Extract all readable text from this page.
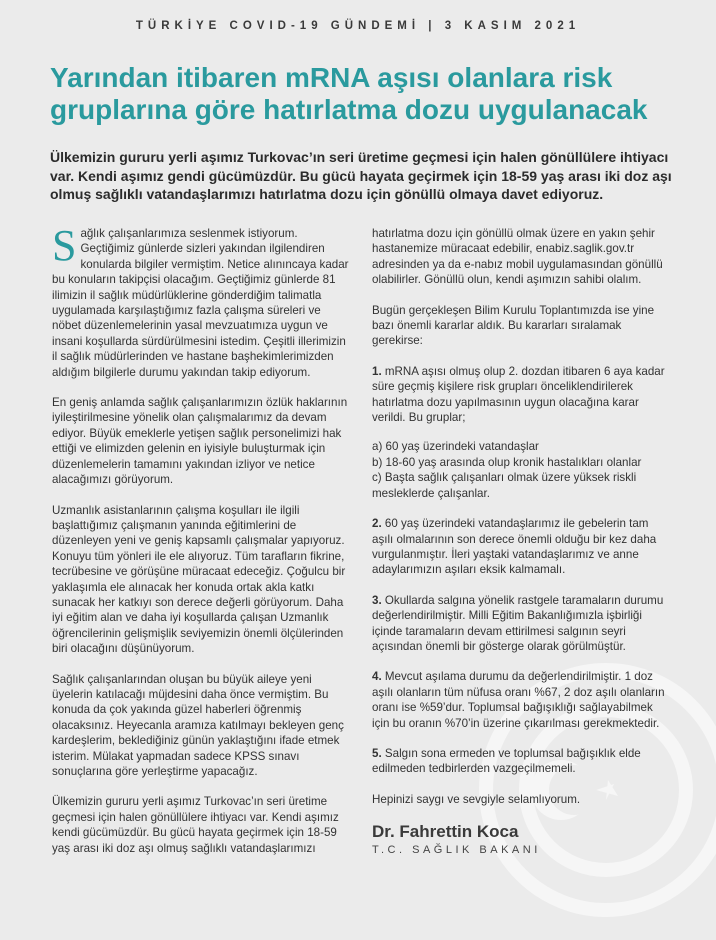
TÜRKİYE COVID-19 GÜNDEMİ | 3 KASIM 2021
Yarından itibaren mRNA aşısı olanlara risk gruplarına göre hatırlatma dozu uygulanacak

Ülkemizin gururu yerli aşımız Turkovac’ın seri üretime geçmesi için halen gönüllülere ihtiyacı var. Kendi aşımız gendi gücümüzdür. Bu gücü hayata geçirmek için 18-59 yaş arası iki doz aşı olmuş sağlıklı vatandaşlarımızı hatırlatma dozu için gönüllü olmaya davet ediyoruz.

Sağlık çalışanlarımıza seslenmek istiyorum. Geçtiğimiz günlerde sizleri yakından ilgilendiren konularda bilgiler vermiştim. Netice alınıncaya kadar bu konuların takipçisi olacağım. Geçtiğimiz günlerde 81 ilimizin il sağlık müdürlüklerine gönderdiğim talimatla uygulamada karşılaştığımız fazla çalışma süreleri ve nöbet düzenlemelerinin yasal mevzuatımıza uygun ve insani koşullarda sürdürülmesini istedim. Çeşitli illerimizin il sağlık müdürlerinden ve hastane başhekimlerimizden aldığım bilgilerle durumu yakından takip ediyorum.

En geniş anlamda sağlık çalışanlarımızın özlük haklarının iyileştirilmesine yönelik olan çalışmalarımız da devam ediyor. Büyük emeklerle yetişen sağlık personelimizi hak ettiği ve elimizden gelenin en iyisiyle buluşturmak için düzenlemelerin tamamını yakından izliyor ve netice alacağımızı görüyorum.

Uzmanlık asistanlarının çalışma koşulları ile ilgili başlattığımız çalışmanın yanında eğitimlerini de düzenleyen yeni ve geniş kapsamlı çalışmalar yapıyoruz. Konuyu tüm yönleri ile ele alıyoruz. Tüm tarafların fikrine, tecrübesine ve görüşüne müracaat edeceğiz. Çoğulcu bir yaklaşımla ele alınacak her konuda ortak akla katkı sunacak her katkıyı son derece değerli görüyorum. Daha iyi eğitim alan ve daha iyi koşullarda çalışan Uzmanlık öğrencilerinin gelişmişlik seviyemizin önemli ölçülerinden biri olacağını düşünüyorum.

Sağlık çalışanlarından oluşan bu büyük aileye yeni üyelerin katılacağı müjdesini daha önce vermiştim. Bu konuda da çok yakında güzel haberleri öğrenmiş olacaksınız. Heyecanla aramıza katılmayı bekleyen genç kardeşlerim, beklediğiniz günün yaklaştığını ifade etmek isterim. Mülakat yapmadan sadece KPSS sınavı sonuçlarına göre yerleştirme yapacağız.

Ülkemizin gururu yerli aşımız Turkovac’ın seri üretime geçmesi için halen gönüllülere ihtiyacı var. Kendi aşımız kendi gücümüzdür. Bu gücü hayata geçirmek için 18-59 yaş arası iki doz aşı olmuş sağlıklı vatandaşlarımızı

hatırlatma dozu için gönüllü olmak üzere en yakın şehir hastanemize müracaat edebilir, enabiz.saglik.gov.tr adresinden ya da e-nabız mobil uygulamasından gönüllü olabilirler. Gönüllü olun, kendi aşımızın sahibi olalım.

Bugün gerçekleşen Bilim Kurulu Toplantımızda ise yine bazı önemli kararlar aldık. Bu kararları sıralamak gerekirse:

1. mRNA aşısı olmuş olup 2. dozdan itibaren 6 aya kadar süre geçmiş kişilere risk grupları önceliklendirilerek hatırlatma dozu yapılmasının uygun olacağına karar verildi. Bu gruplar;

a) 60 yaş üzerindeki vatandaşlar
b) 18-60 yaş arasında olup kronik hastalıkları olanlar
c) Başta sağlık çalışanları olmak üzere yüksek riskli mesleklerde çalışanlar.

2. 60 yaş üzerindeki vatandaşlarımız ile gebelerin tam aşılı olmalarının son derece önemli olduğu bir kez daha vurgulanmıştır. İleri yaştaki vatandaşlarımız ve anne adaylarımızın aşıları eksik kalmamalı.

3. Okullarda salgına yönelik rastgele taramaların durumu değerlendirilmiştir. Milli Eğitim Bakanlığımızla işbirliği içinde taramaların devam ettirilmesi salgının seyri açısından önemli bir gösterge olarak görülmüştür.

4. Mevcut aşılama durumu da değerlendirilmiştir. 1 doz aşılı olanların tüm nüfusa oranı %67, 2 doz aşılı olanların oranı ise %59’dur. Toplumsal bağışıklığı sağlayabilmek için bu oranın %70’in üzerine çıkarılması gerekmektedir.

5. Salgın sona ermeden ve toplumsal bağışıklık elde edilmeden tedbirlerden vazgeçilmemeli.

Hepinizi saygı ve sevgiyle selamlıyorum.

Dr. Fahrettin Koca
T.C. SAĞLIK BAKANI
